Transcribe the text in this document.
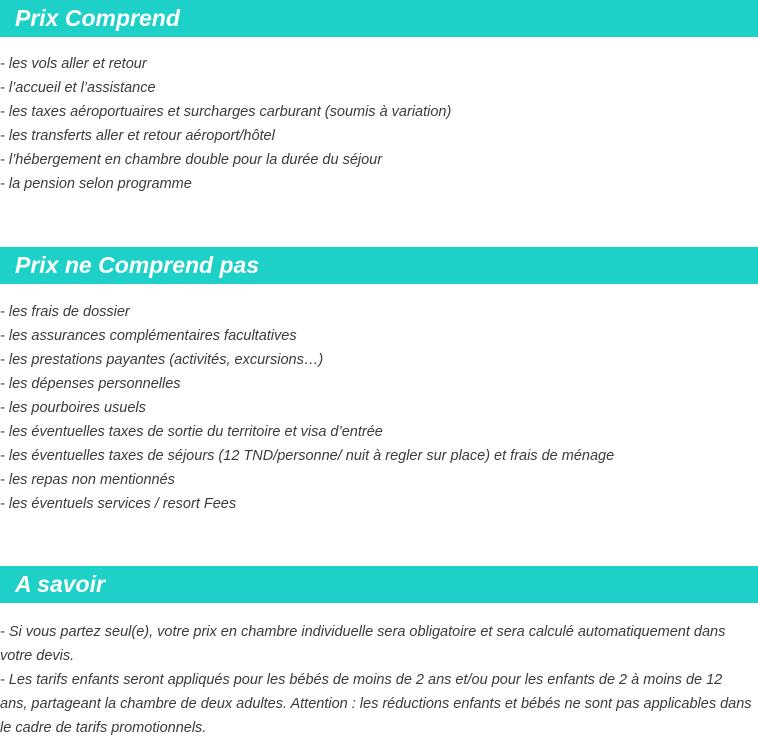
Prix Comprend
- les vols aller et retour
- l’accueil et l’assistance
- les taxes aéroportuaires et surcharges carburant (soumis à variation)
- les transferts aller et retour aéroport/hôtel
- l’hébergement en chambre double pour la durée du séjour
- la pension selon programme
Prix ne Comprend pas
- les frais de dossier
- les assurances complémentaires facultatives
- les prestations payantes (activités, excursions…)
- les dépenses personnelles
- les pourboires usuels
- les éventuelles taxes de sortie du territoire et visa d’entrée
- les éventuelles taxes de séjours (12 TND/personne/ nuit à regler sur place) et frais de ménage
- les repas non mentionnés
- les éventuels services / resort Fees
A savoir

- Si vous partez seul(e), votre prix en chambre individuelle sera obligatoire et sera calculé automatiquement dans votre devis.

- Les tarifs enfants seront appliqués pour les bébés de moins de 2 ans et/ou pour les enfants de 2 à moins de 12 ans, partageant la chambre de deux adultes. Attention : les réductions enfants et bébés ne sont pas applicables dans le cadre de tarifs promotionnels.
